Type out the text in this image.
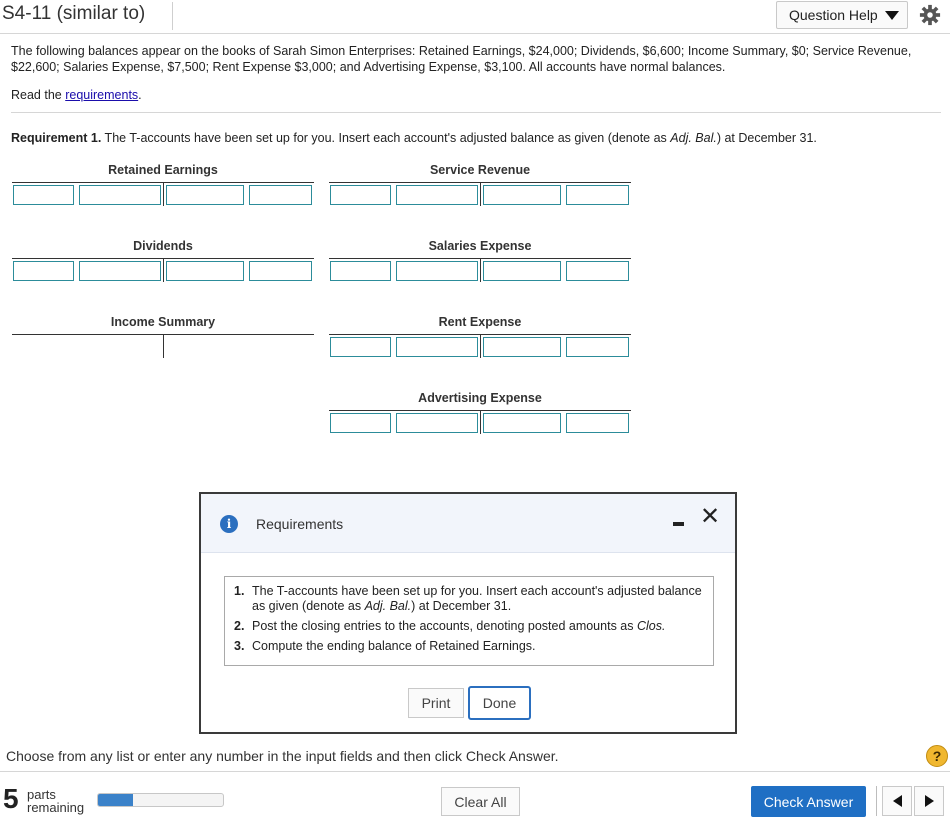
S4-11 (similar to)	Question Help
The following balances appear on the books of Sarah Simon Enterprises: Retained Earnings, $24,000; Dividends, $6,600; Income Summary, $0; Service Revenue, $22,600; Salaries Expense, $7,500; Rent Expense $3,000; and Advertising Expense, $3,100. All accounts have normal balances.
Read the requirements.
Requirement 1. The T-accounts have been set up for you. Insert each account's adjusted balance as given (denote as Adj. Bal.) at December 31.
Retained Earnings	Service Revenue
Dividends	Salaries Expense
Income Summary	Rent Expense
Advertising Expense
i	Requirements	✕
1. The T-accounts have been set up for you. Insert each account's adjusted balance as given (denote as Adj. Bal.) at December 31.
2. Post the closing entries to the accounts, denoting posted amounts as Clos.
3. Compute the ending balance of Retained Earnings.
Print	Done
Choose from any list or enter any number in the input fields and then click Check Answer.	?
5 parts
remaining	Clear All	Check Answer
